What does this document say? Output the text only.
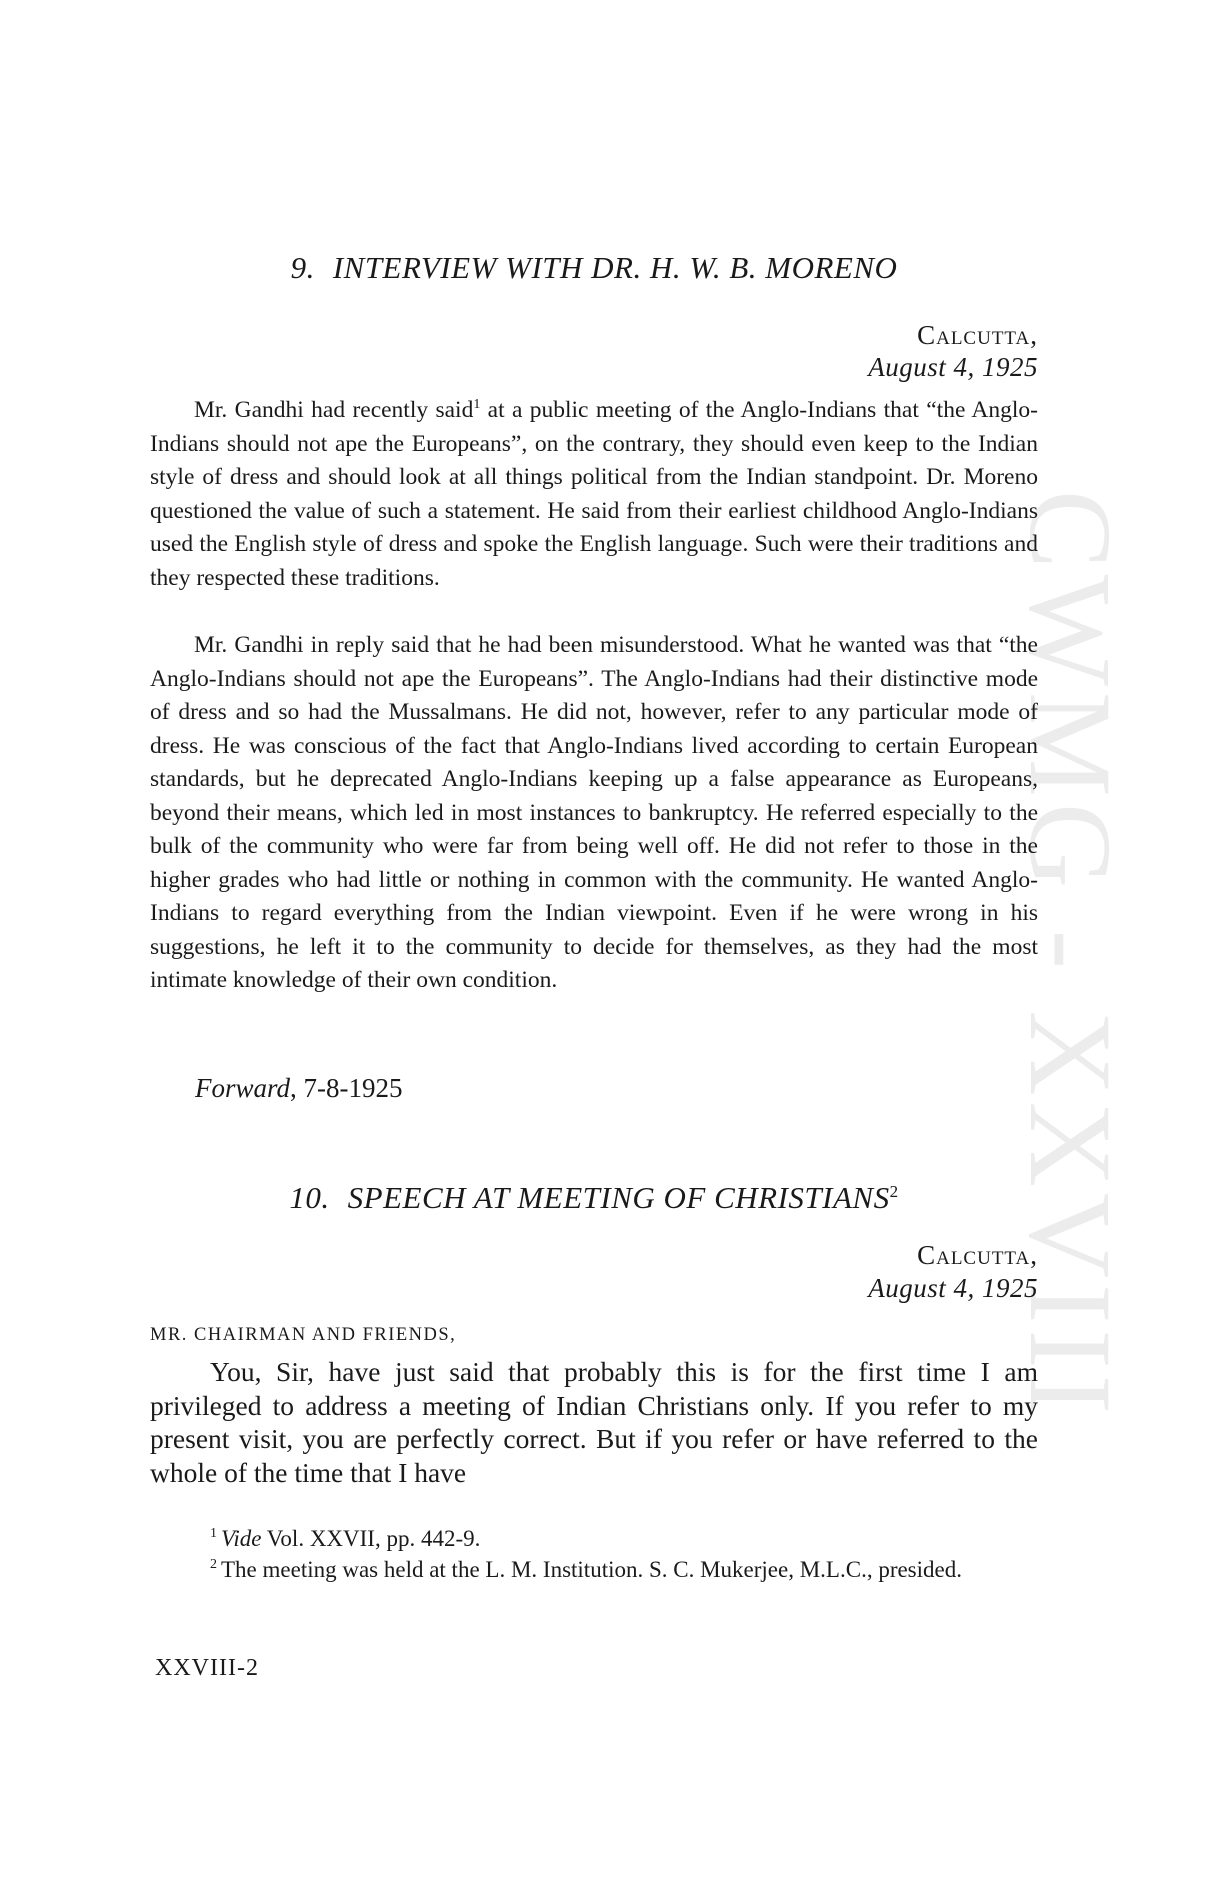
CWMG - XXVIII
9. INTERVIEW WITH DR. H. W. B. MORENO
Calcutta,
August 4, 1925

Mr. Gandhi had recently said$^1$ at a public meeting of the Anglo-Indians that “the Anglo-Indians should not ape the Europeans”, on the contrary, they should even keep to the Indian style of dress and should look at all things political from the Indian standpoint. Dr. Moreno questioned the value of such a statement. He said from their earliest childhood Anglo-Indians used the English style of dress and spoke the English language. Such were their traditions and they respected these traditions.

Mr. Gandhi in reply said that he had been misunderstood. What he wanted was that “the Anglo-Indians should not ape the Europeans”. The Anglo-Indians had their distinctive mode of dress and so had the Mussalmans. He did not, however, refer to any particular mode of dress. He was conscious of the fact that Anglo-Indians lived according to certain European standards, but he deprecated Anglo-Indians keeping up a false appearance as Europeans, beyond their means, which led in most instances to bankruptcy. He referred especially to the bulk of the community who were far from being well off. He did not refer to those in the higher grades who had little or nothing in common with the community. He wanted Anglo-Indians to regard everything from the Indian viewpoint. Even if he were wrong in his suggestions, he left it to the community to decide for themselves, as they had the most intimate knowledge of their own condition.

Forward, 7-8-1925
10. SPEECH AT MEETING OF CHRISTIANS$^2$
Calcutta,
August 4, 1925
MR. CHAIRMAN AND FRIENDS,

You, Sir, have just said that probably this is for the first time I am privileged to address a meeting of Indian Christians only. If you refer to my present visit, you are perfectly correct. But if you refer or have referred to the whole of the time that I have

$^1$ Vide Vol. XXVII, pp. 442-9.

$^2$ The meeting was held at the L. M. Institution. S. C. Mukerjee, M.L.C., presided.

XXVIII-2
